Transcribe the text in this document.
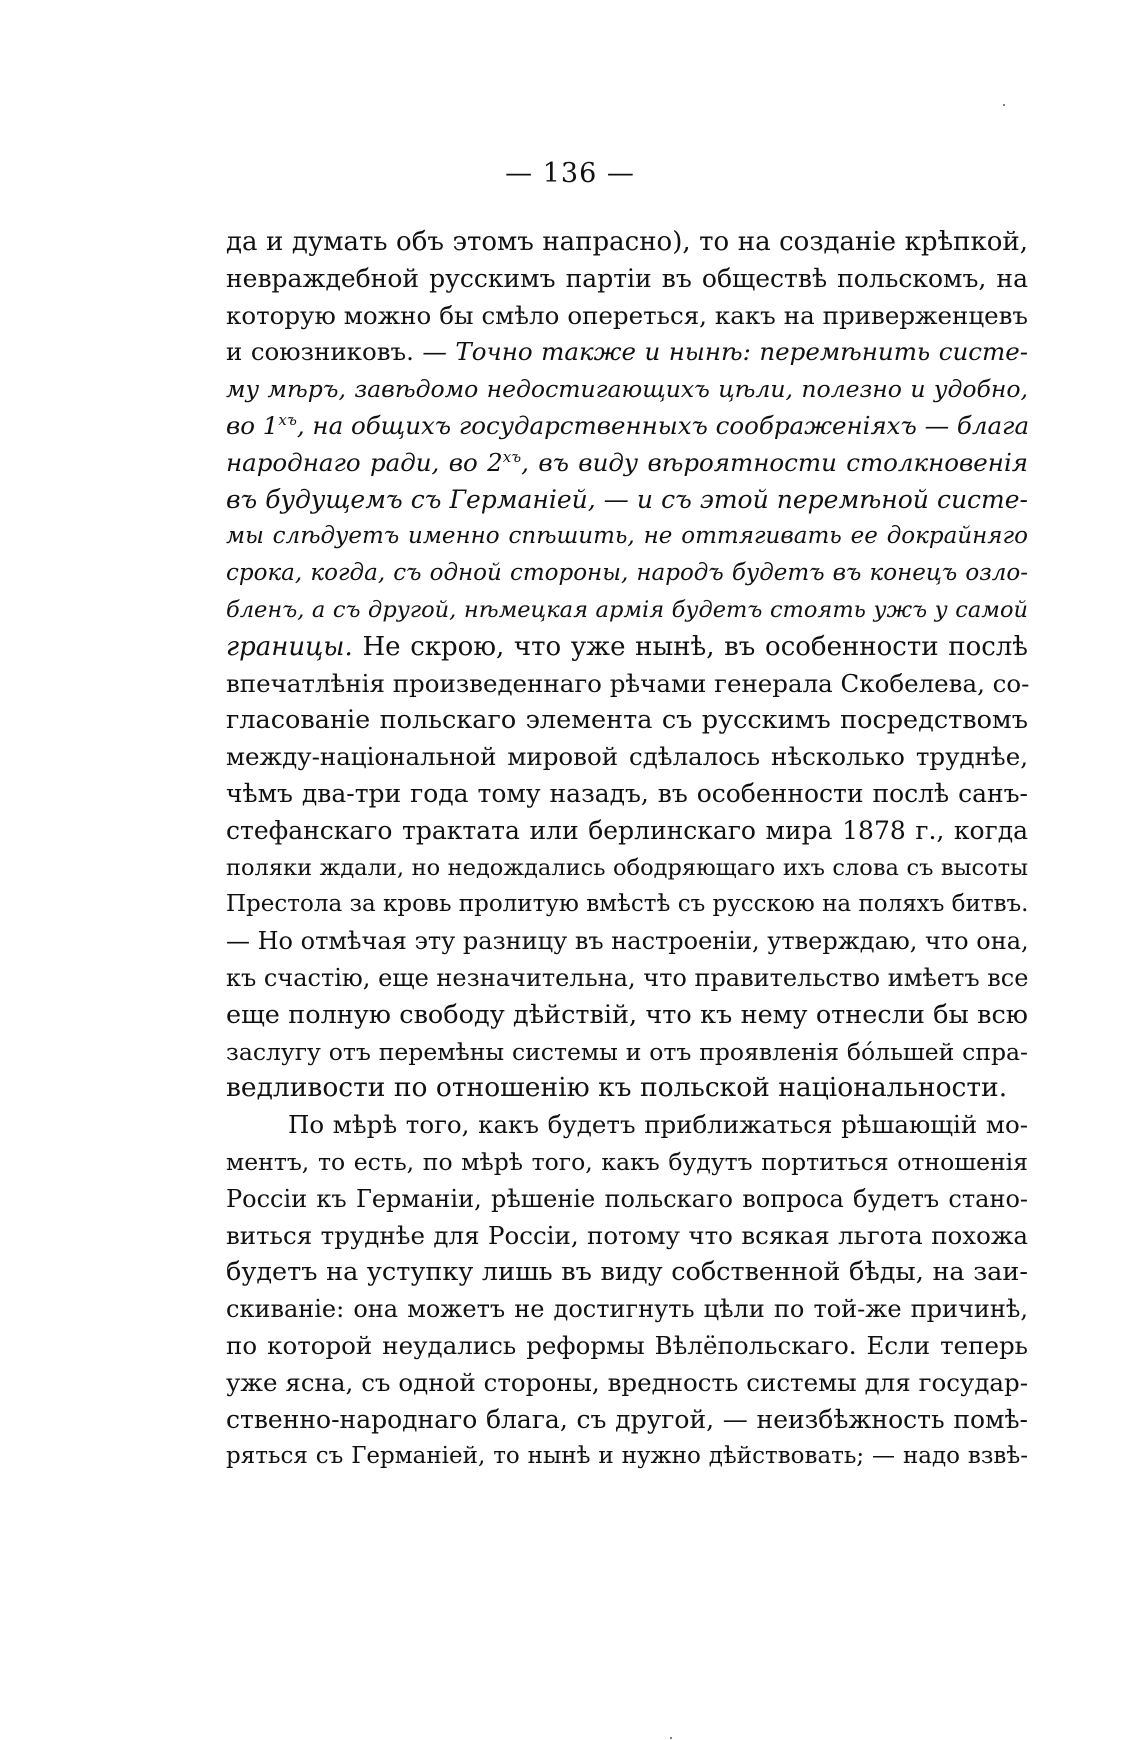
— 136 —
да и думать объ этомъ напрасно), то на созданіе крѣпкой,
невраждебной русскимъ партіи въ обществѣ польскомъ, на
которую можно бы смѣло опереться, какъ на приверженцевъ
и союзниковъ. — Точно также и нынѣ: перемѣнить систе-
му мѣръ, завѣдомо недостигающихъ цѣли, полезно и удобно,
во $1^{хъ}$, на общихъ государственныхъ соображеніяхъ — блага
народнаго ради, во $2^{хъ}$, въ виду вѣроятности столкновенія
въ будущемъ съ Германіей, — и съ этой перемѣной систе-
мы слѣдуетъ именно спѣшить, не оттягивать ее докрайняго
срока, когда, съ одной стороны, народъ будетъ въ конецъ озло-
бленъ, а съ другой, нѣмецкая армія будетъ стоять ужъ у самой
границы. Не скрою, что уже нынѣ, въ особенности послѣ
впечатлѣнія произведеннаго рѣчами генерала Скобелева, со-
гласованіе польскаго элемента съ русскимъ посредствомъ
между-національной мировой сдѣлалось нѣсколько труднѣе,
чѣмъ два-три года тому назадъ, въ особенности послѣ санъ-
стефанскаго трактата или берлинскаго мира 1878 г., когда
поляки ждали, но недождались ободряющаго ихъ слова съ высоты
Престола за кровь пролитую вмѣстѣ съ русскою на поляхъ битвъ.
— Но отмѣчая эту разницу въ настроеніи, утверждаю, что она,
къ счастію, еще незначительна, что правительство имѣетъ все
еще полную свободу дѣйствій, что къ нему отнесли бы всю
заслугу отъ перемѣны системы и отъ проявленія бо́льшей спра-
ведливости по отношенію къ польской національности.
По мѣрѣ того, какъ будетъ приближаться рѣшающій мо-
ментъ, то есть, по мѣрѣ того, какъ будутъ портиться отношенія
Россіи къ Германіи, рѣшеніе польскаго вопроса будетъ стано-
виться труднѣе для Россіи, потому что всякая льгота похожа
будетъ на уступку лишь въ виду собственной бѣды, на заи-
скиваніе: она можетъ не достигнуть цѣли по той-же причинѣ,
по которой неудались реформы Вѣлёпольскаго. Если теперь
уже ясна, съ одной стороны, вредность системы для государ-
ственно-народнаго блага, съ другой, — неизбѣжность помѣ-
ряться съ Германіей, то нынѣ и нужно дѣйствовать; — надо взвѣ-
